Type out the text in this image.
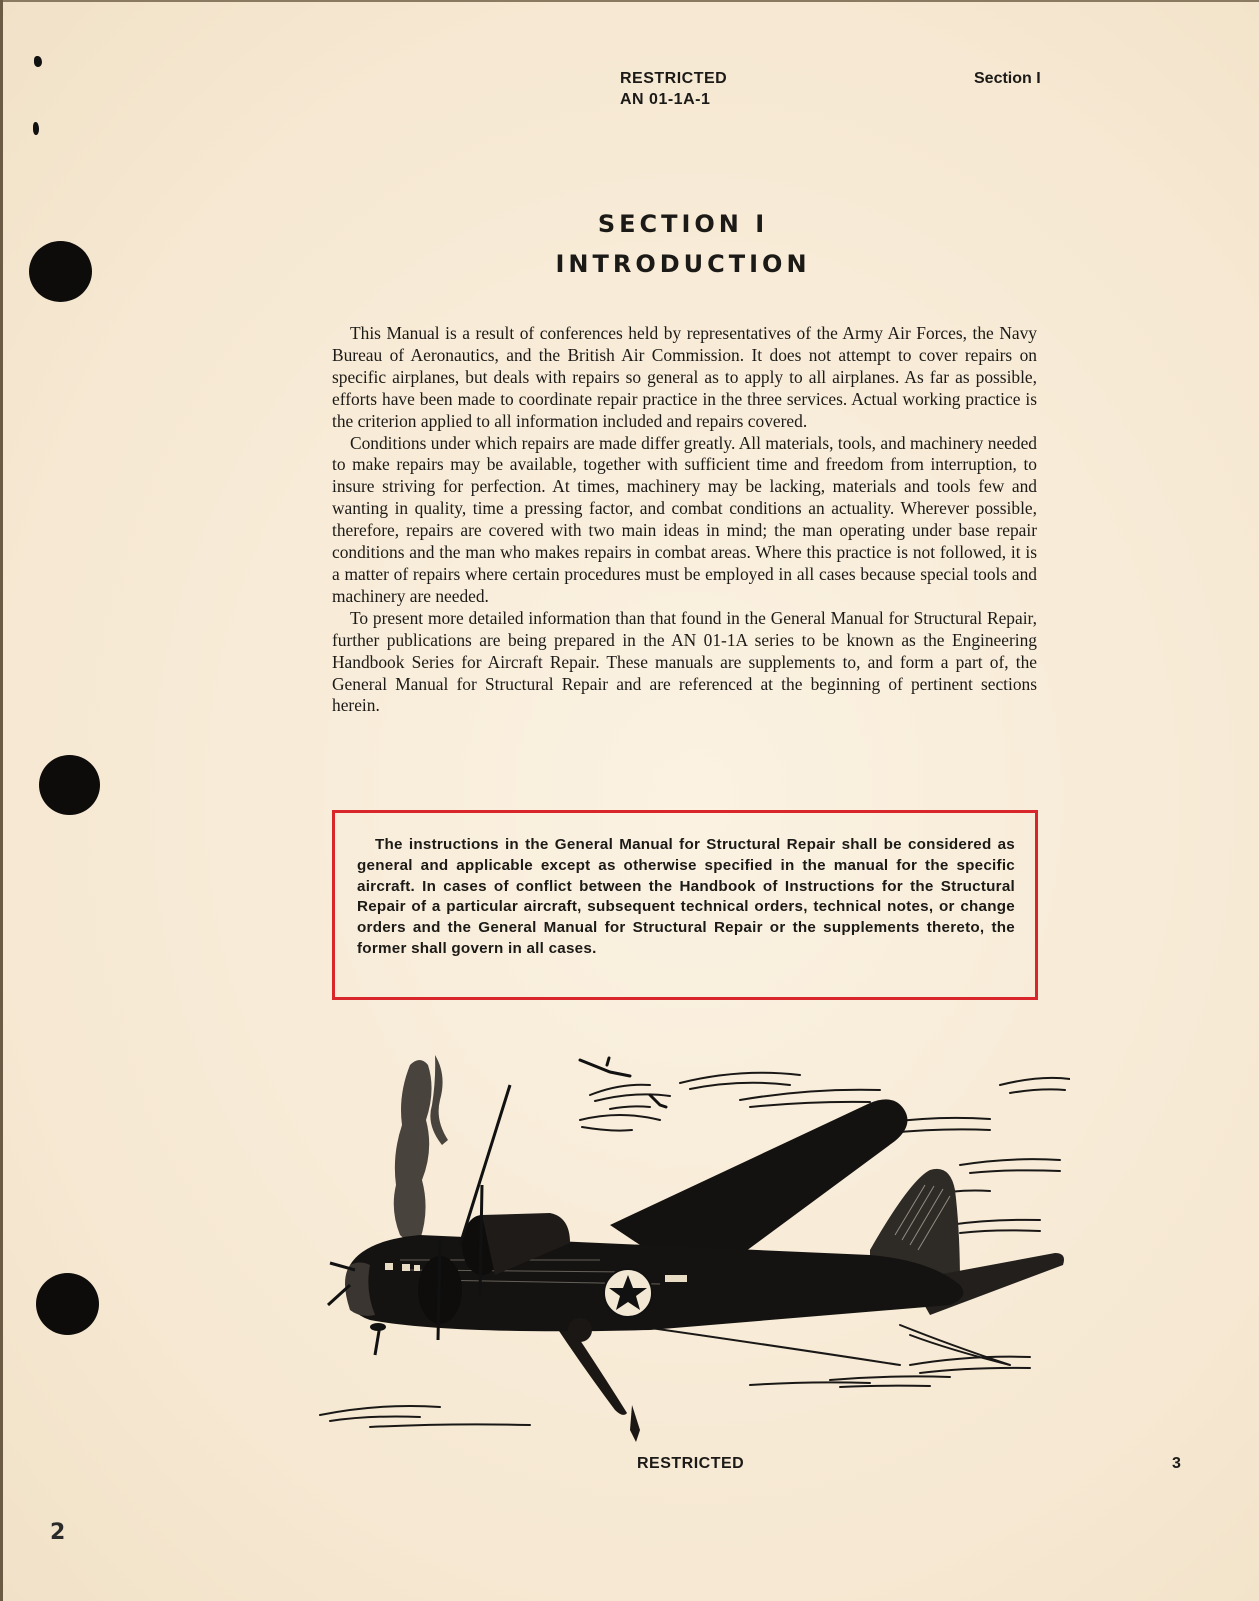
RESTRICTED
AN 01-1A-1
Section I
SECTION I
INTRODUCTION

This Manual is a result of conferences held by representatives of the Army Air Forces, the Navy Bureau of Aeronautics, and the British Air Commission. It does not attempt to cover repairs on specific airplanes, but deals with repairs so general as to apply to all airplanes. As far as possible, efforts have been made to coordinate repair practice in the three services. Actual working practice is the criterion applied to all information included and repairs covered.

Conditions under which repairs are made differ greatly. All materials, tools, and machinery needed to make repairs may be available, together with sufficient time and freedom from interruption, to insure striving for perfection. At times, machinery may be lacking, materials and tools few and wanting in quality, time a pressing factor, and combat conditions an actuality. Wherever possible, therefore, repairs are covered with two main ideas in mind; the man operating under base repair conditions and the man who makes repairs in combat areas. Where this practice is not followed, it is a matter of repairs where certain procedures must be employed in all cases because special tools and machinery are needed.

To present more detailed information than that found in the General Manual for Structural Repair, further publications are being prepared in the AN 01-1A series to be known as the Engineering Handbook Series for Aircraft Repair. These manuals are supplements to, and form a part of, the General Manual for Structural Repair and are referenced at the beginning of pertinent sections herein.

The instructions in the General Manual for Structural Repair shall be considered as general and applicable except as otherwise specified in the manual for the specific aircraft. In cases of conflict between the Handbook of Instructions for the Structural Repair of a particular aircraft, subsequent technical orders, technical notes, or change orders and the General Manual for Structural Repair or the supplements thereto, the former shall govern in all cases.

RESTRICTED	3
2
